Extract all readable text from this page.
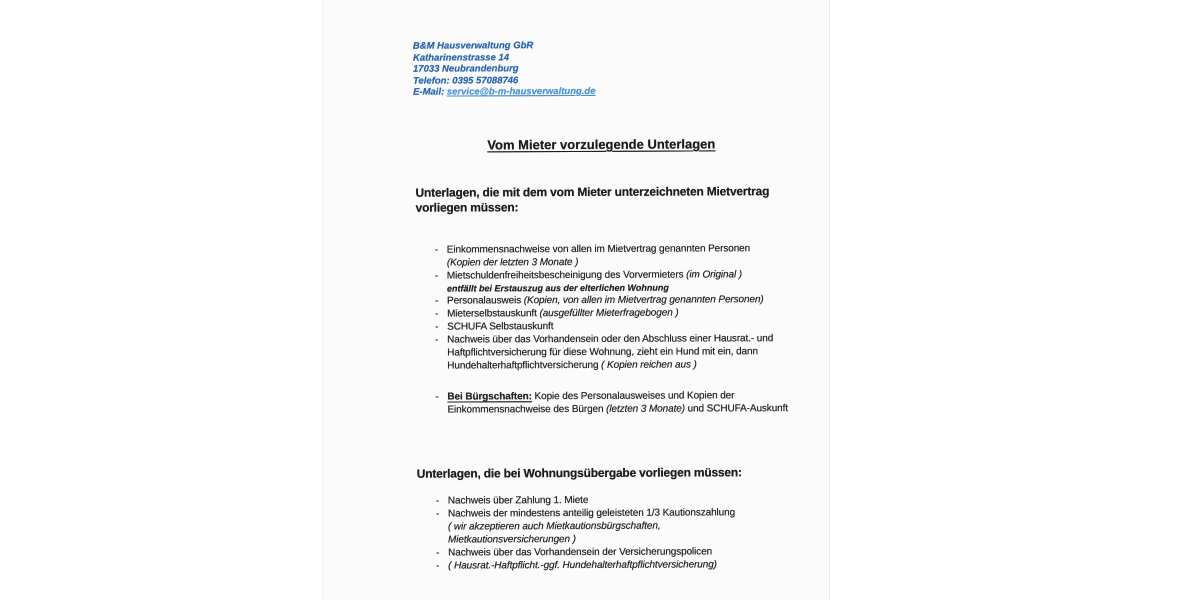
B&M Hausverwaltung GbR
Katharinenstrasse 14
17033 Neubrandenburg
Telefon: 0395 57088746
E-Mail: service@b-m-hausverwaltung.de
Vom Mieter vorzulegende Unterlagen
Unterlagen, die mit dem vom Mieter unterzeichneten Mietvertrag
vorliegen müssen:
- Einkommensnachweise von allen im Mietvertrag genannten Personen
(Kopien der letzten 3 Monate )
- Mietschuldenfreiheitsbescheinigung des Vorvermieters (im Original )
entfällt bei Erstauszug aus der elterlichen Wohnung
- Personalausweis (Kopien, von allen im Mietvertrag genannten Personen)
- Mieterselbstauskunft (ausgefüllter Mieterfragebogen )
- SCHUFA Selbstauskunft
- Nachweis über das Vorhandensein oder den Abschluss einer Hausrat.- und Haftpflichtversicherung für diese Wohnung, zieht ein Hund mit ein, dann Hundehalterhaftpflichtversicherung ( Kopien reichen aus )
- Bei Bürgschaften: Kopie des Personalausweises und Kopien der Einkommensnachweise des Bürgen (letzten 3 Monate) und SCHUFA-Auskunft
Unterlagen, die bei Wohnungsübergabe vorliegen müssen:
- Nachweis über Zahlung 1. Miete
- Nachweis der mindestens anteilig geleisteten 1/3 Kautionszahlung
( wir akzeptieren auch Mietkautionsbürgschaften,
Mietkautionsversicherungen )
- Nachweis über das Vorhandensein der Versicherungspolicen
- ( Hausrat.-Haftpflicht.-ggf. Hundehalterhaftpflichtversicherung)
